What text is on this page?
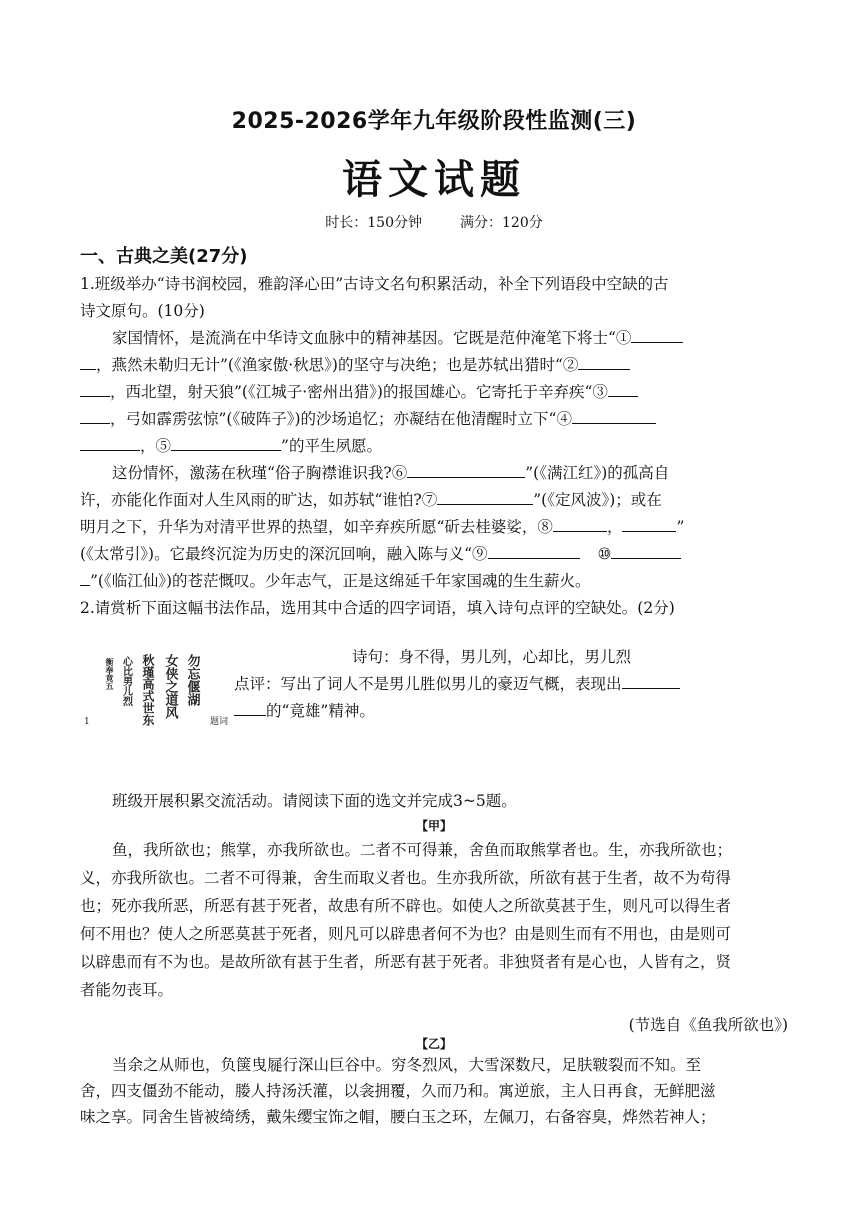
2025-2026学年九年级阶段性监测(三)
语文试题
时长：150分钟	满分：120分
一、古典之美(27分)
1.班级举办“诗书润校园，雅韵泽心田”古诗文名句积累活动，补全下列语段中空缺的古
诗文原句。(10分)
家国情怀，是流淌在中华诗文血脉中的精神基因。它既是范仲淹笔下将士“①
，燕然未勒归无计”(《渔家傲·秋思》)的坚守与决绝；也是苏轼出猎时“②
，西北望，射天狼”(《江城子·密州出猎》)的报国雄心。它寄托于辛弃疾“③
，弓如霹雳弦惊”(《破阵子》)的沙场追忆；亦凝结在他清醒时立下“④
，⑤	”的平生夙愿。
这份情怀，激荡在秋瑾“俗子胸襟谁识我?⑥	”(《满江红》)的孤高自
许，亦能化作面对人生风雨的旷达，如苏轼“谁怕?⑦	”(《定风波》)；或在
明月之下，升华为对清平世界的热望，如辛弃疾所愿“斫去桂婆娑，⑧	，	”
(《太常引》)。它最终沉淀为历史的深沉回响，融入陈与义“⑨	⑩
”(《临江仙》)的苍茫慨叹。少年志气，正是这绵延千年家国魂的生生薪火。
2.请赏析下面这幅书法作品，选用其中合适的四字词语，填入诗句点评的空缺处。(2分)
勿忘偃湖
女侠之道风
秋瑾高式世东
心比男儿烈
衡奉竟五
题词
1
诗句：身不得，男儿列，心却比，男儿烈
点评：写出了词人不是男儿胜似男儿的豪迈气概，表现出
的“竟雄”精神。
班级开展积累交流活动。请阅读下面的选文并完成3~5题。
【甲】
鱼，我所欲也；熊掌，亦我所欲也。二者不可得兼，舍鱼而取熊掌者也。生，亦我所欲也；
义，亦我所欲也。二者不可得兼，舍生而取义者也。生亦我所欲，所欲有甚于生者，故不为苟得
也；死亦我所恶，所恶有甚于死者，故患有所不辟也。如使人之所欲莫甚于生，则凡可以得生者
何不用也？使人之所恶莫甚于死者，则凡可以辟患者何不为也？由是则生而有不用也，由是则可
以辟患而有不为也。是故所欲有甚于生者，所恶有甚于死者。非独贤者有是心也，人皆有之，贤
者能勿丧耳。
(节选自《鱼我所欲也》)
【乙】
当余之从师也，负箧曳屣行深山巨谷中。穷冬烈风，大雪深数尺，足肤皲裂而不知。至
舍，四支僵劲不能动，媵人持汤沃灌，以衾拥覆，久而乃和。寓逆旅，主人日再食，无鲜肥滋
味之享。同舍生皆被绮绣，戴朱缨宝饰之帽，腰白玉之环，左佩刀，右备容臭，烨然若神人；
